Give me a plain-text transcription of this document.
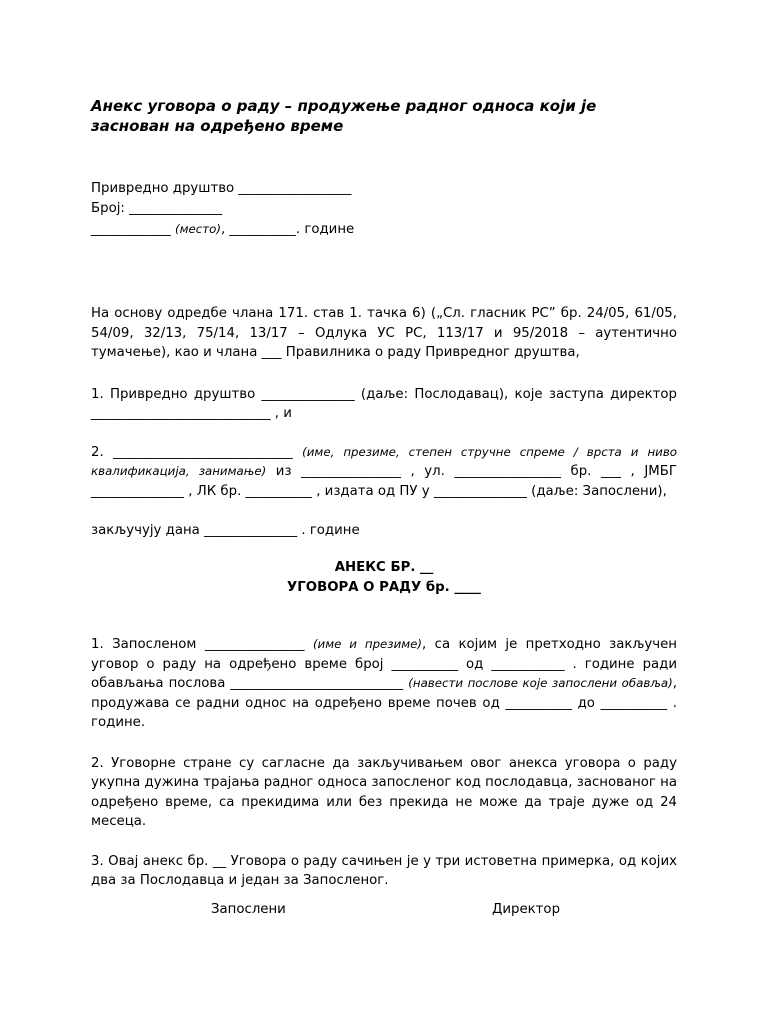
Анекс уговора о раду – продужење радног односа који је заснован на одређено време

Привредно друштво _________________

Број: ______________

____________ (место), __________. године

На основу одредбе члана 171. став 1. тачка 6) („Сл. гласник РС” бр. 24/05, 61/05, 54/09, 32/13, 75/14, 13/17 – Одлука УС РС, 113/17 и 95/2018 – аутентично тумачење), као и члана ___ Правилника о раду Привредног друштва,

1. Привредно друштво ______________ (даље: Послодавац), које заступа директор ___________________________ , и

2. ___________________________ (име, презиме, степен стручне спреме / врста и ниво квалификација, занимање) из _______________ , ул. ________________ бр. ___ , ЈМБГ ______________ , ЛК бр. __________ , издата од ПУ у ______________ (даље: Запослени),

закључују дана ______________ . године

АНЕКС БР. __

УГОВОРА О РАДУ бр. ____

1. Запосленом _______________ (име и презиме), са којим је претходно закључен уговор о раду на одређено време број __________ од ___________ . године ради обављања послова __________________________ (навести послове које запослени обавља), продужава се радни однос на одређено време почев од __________ до __________ . године.

2. Уговорне стране су сагласне да закључивањем овог анекса уговора о раду укупна дужина трајања радног односа запосленог код послодавца, заснованог на одређено време, са прекидима или без прекида не може да траје дуже од 24 месеца.

3. Овај анекс бр. __ Уговора о раду сачињен је у три истоветна примерка, од којих два за Послодавца и један за Запосленог.

Запослени	Директор
